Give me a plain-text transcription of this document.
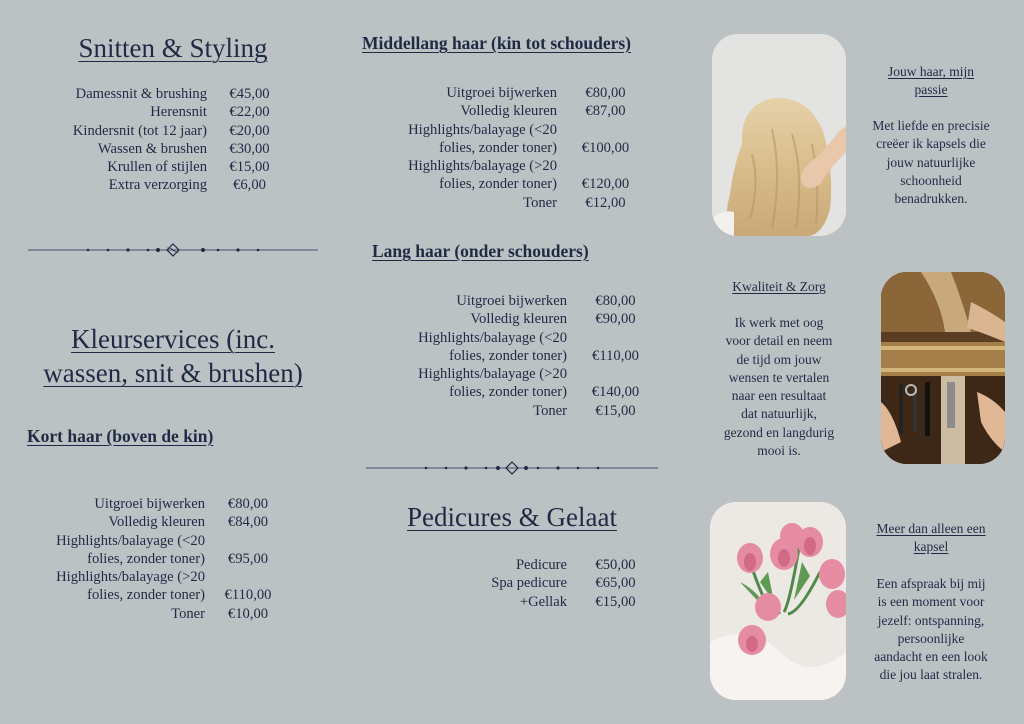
Snitten & Styling
Damessnit & brushing	€45,00
Herensnit	€22,00
Kindersnit (tot 12 jaar)	€20,00
Wassen & brushen	€30,00
Krullen of stijlen	€15,00
Extra verzorging	€6,00
Kleurservices (inc.
wassen, snit & brushen)
Kort haar (boven de kin)
Uitgroei bijwerken	€80,00
Volledig kleuren	€84,00
Highlights/balayage (<20	
folies, zonder toner)	€95,00
Highlights/balayage (>20	
folies, zonder toner)	€110,00
Toner	€10,00
Middellang haar (kin tot schouders)
Uitgroei bijwerken	€80,00
Volledig kleuren	€87,00
Highlights/balayage (<20	
folies, zonder toner)	€100,00
Highlights/balayage (>20	
folies, zonder toner)	€120,00
Toner	€12,00
Lang haar (onder schouders)
Uitgroei bijwerken	€80,00
Volledig kleuren	€90,00
Highlights/balayage (<20	
folies, zonder toner)	€110,00
Highlights/balayage (>20	
folies, zonder toner)	€140,00
Toner	€15,00
Pedicures & Gelaat
Pedicure	€50,00
Spa pedicure	€65,00
+Gellak	€15,00
Jouw haar, mijn
passie
Met liefde en precisie
creëer ik kapsels die
jouw natuurlijke
schoonheid
benadrukken.
Kwaliteit & Zorg
Ik werk met oog
voor detail en neem
de tijd om jouw
wensen te vertalen
naar een resultaat
dat natuurlijk,
gezond en langdurig
mooi is.
Meer dan alleen een
kapsel
Een afspraak bij mij
is een moment voor
jezelf: ontspanning,
persoonlijke
aandacht en een look
die jou laat stralen.
